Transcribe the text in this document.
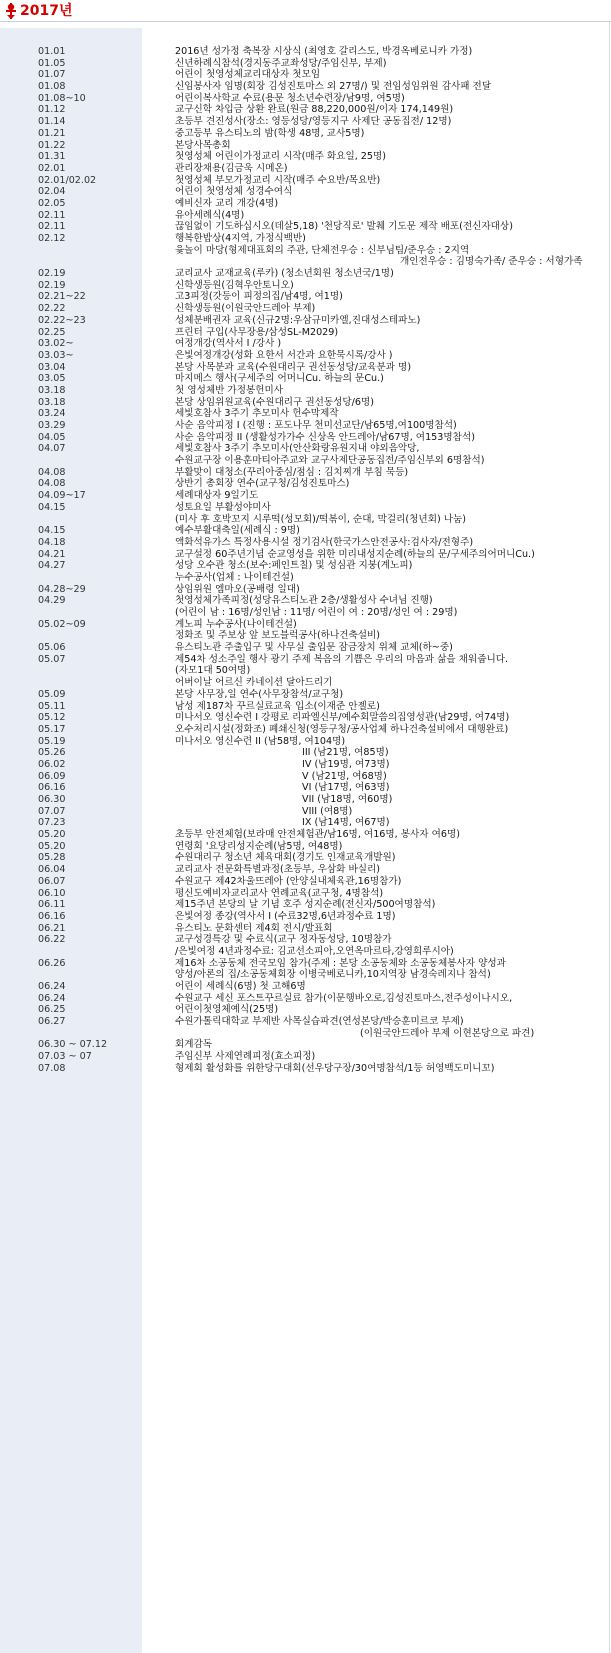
2017년
01.01	2016년 성가정 축복장 시상식 (최영호 갈리스도, 박경옥베로니카 가정)
01.05	신년하례식참석(경지동주교좌성당/주임신부, 부제)
01.07	어린이 첫영성체교리대상자 첫모임
01.08	신임봉사자 임명(회장 김성진토마스 외 27명/) 및 전임성임위원 감사패 전달
01.08~10	어린이복사학교 수료(용문 청소년수련장/남9명, 여5명)
01.12	교구신학 차입금 상환 완료(원금 88,220,000원/이자 174,149원)
01.14	초등부 견진성사(장소: 영등성당/영등지구 사제단 공동집전/ 12명)
01.21	중고등부 유스티노의 밤(학생 48명, 교사5명)
01.22	본당사목총회
01.31	첫영성체 어린이가정교리 시작(매주 화요일, 25명)
02.01	관리장채용(김금욱 시메온)
02.01/02.02	첫영성체 부모가정교리 시작(매주 수요반/목요반)
02.04	어린이 첫영성체 성경수여식
02.05	예비신자 교리 개강(4명)
02.11	유아세례식(4명)
02.11	끊임없이 기도하십시오(데살5,18) '천당직로' 발췌 기도문 제작 배포(전신자대상)
02.12	행복한밥상(4지역, 가정식백반)
윷놀이 마당(형제대표회의 주관, 단체전우승 : 신부님팀/준우승 : 2지역
개인전우승 : 김명숙가족/ 준우승 : 서형가족
02.19	교리교사 교재교육(루카) (청소년회원 청소년국/1명)
02.19	신학생등원(김혁우안토니오)
02.21~22	고3피정(갓등이 피정의집/남4명, 여1명)
02.22	신학생등원(이원국안드레아 부제)
02.22~23	성체분배권자 교육(신규2명:우삼규미카엘,진대성스테파노)
02.25	프린터 구입(사무장용/삼성SL-M2029)
03.02~	여정개강(역사서 I /강사 )
03.03~	은빛여정개강(성화 요한서 서간과 요한묵시록/강사 )
03.04	본당 사목분과 교육(수원대리구 권선동성당/교육분과 명)
03.05	마지메스 행사(구세주의 어머니Cu. 하늘의 문Cu.)
03.18	첫 영성체반 가정봉헌미사
03.18	본당 상임위원교육(수원대리구 권선동성당/6명)
03.24	세빛호참사 3주기 추모미사 헌수막제작
03.29	사순 음악피정 I (진행 : 포도나무 천미선교단/남65명,여100명참석)
04.05	사순 음악피정 II (생활성가가수 신상옥 안드레아/남67명, 여153명참석)
04.07	세빛호참사 3주기 추모미사(안산화랑유원지내 야외음악당,
수원교구장 이용훈마티아주교와 교구사제단공동집전/주임신부외 6명참석)
04.08	부활맞이 대청소(꾸리아중심/점심 : 김치찌개 부침 묵등)
04.08	상반기 총회장 연수(교구청/김성진토마스)
04.09~17	세례대상자 9일기도
04.15	성토요일 부활성야미사
(미사 후 호박꼬지 시루떡(성모회)/떡볶이, 순대, 막걸리(청년회) 나눔)
04.15	예수부활대축일(세례식 : 9명)
04.18	액화석유가스 특정사용시설 정기검사(한국가스안전공사:검사자/전형주)
04.21	교구설정 60주년기념 순교영성을 위한 미리내성지순례(하늘의 문/구세주의어머니Cu.)
04.27	성당 오수관 청소(보수:페인트칠) 및 성심관 지붕(계노피)
누수공사(업체 : 나이테건설)
04.28~29	상임위원 엠마오(공배령 일대)
04.29	첫영성체가족피정(성당유스티노관 2층/생활성사 수녀님 진행)
(어린이 남 : 16명/성인남 : 11명/ 어린이 여 : 20명/성인 여 : 29명)
05.02~09	계노피 누수공사(나이테건설)
정화조 및 주보상 앞 보도블럭공사(하나건축설비)
05.06	유스티노관 주출입구 및 사무실 출입문 잠금장치 위체 교체(하~중)
05.07	제54차 성소주일 행사 광기 주제 복음의 기쁨은 우리의 마음과 삶을 채워줍니다.
(자모1대 50여명)
어버이날 어르신 카네이션 달아드리기
05.09	본당 사무장,일 연수(사무장참석/교구청)
05.11	남성 제187차 꾸르실료교육 입소(이재준 안젤로)
05.12	미나서오 영신수련 I 강평로 리파엘신부/예수회말씀의집영성관(남29명, 여74명)
05.17	오수처리시설(정화조) 폐쇄신청(영등구청/공사업체 하나건축설비에서 대행완료)
05.19	미나서오 영신수련 II (남58명, 여104명)
05.26	III (남21명, 여85명)
06.02	IV (남19명, 여73명)
06.09	V (남21명, 여68명)
06.16	VI (남17명, 여63명)
06.30	VII (남18명, 여60명)
07.07	VIII (여8명)
07.23	IX (남14명, 여67명)
05.20	초등부 안전체험(보라매 안전체험관/남16명, 여16명, 봉사자 여6명)
05.20	연령회 '요당리성지순례(남5명, 여48명)
05.28	수원대리구 청소년 체육대회(경기도 인재교육개발원)
06.04	교리교사 전문화특별과정(초등부, 우삼화 바실리)
06.07	수원교구 제42차울뜨레아 (안양실내체육관,16명참가)
06.10	평신도예비자교리교사 연례교육(교구청, 4명참석)
06.11	제15주년 본당의 날 기념 호주 성지순례(전신자/500여명참석)
06.16	은빛여정 종강(역사서 I (수료32명,6년과정수료 1명)
06.21	유스티노 문화센터 제4회 전시/발표회
06.22	교구성경특강 및 수료식(교구 정자동성당, 10명참가
/은빛여정 4년과정수료: 김교선소피아,오연옥마르타,강영희루시아)
06.26	제16차 소공동체 전국모임 참가(주제 : 본당 소공동체와 소공동체봉사자 양성과
양성/아론의 집/소공동체회장 이병국베로니카,10지역장 남경숙레지나 참석)
06.24	어린이 세례식(6명) 첫 고해6명
06.24	수원교구 세신 포스트꾸르실료 참가(이문행바오로,김성진토마스,전주성이나시오,
06.25	어린이첫영체예식(25명)
06.27	수원가톨릭대학교 부제반 사목실습파견(연성본당/박승훈미르코 부제)
(이원국안드레아 부제 이현본당으로 파견)
06.30 ~ 07.12	회계감독
07.03 ~ 07	주임신부 사제연례피정(효소피정)
07.08	형제회 활성화를 위한당구대회(선우당구장/30여명참석/1등 허영백도미니꼬)
